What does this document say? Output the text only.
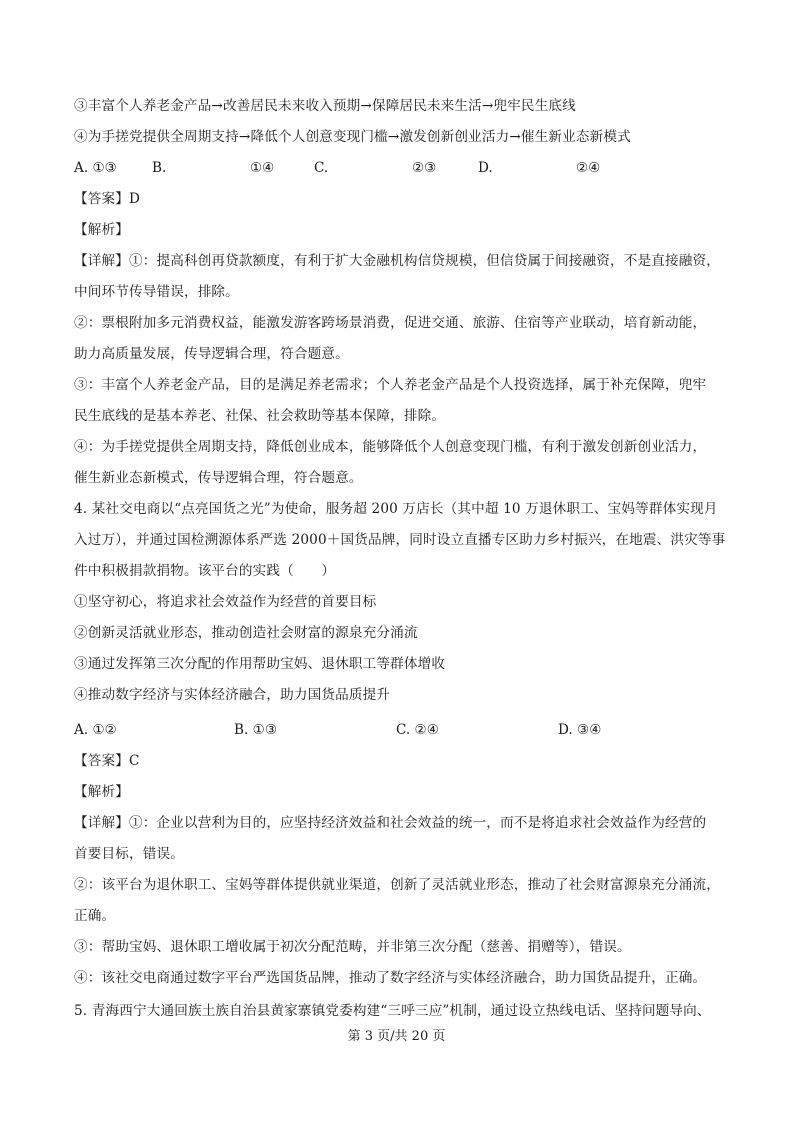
③丰富个人养老金产品→改善居民未来收入预期→保障居民未来生活→兜牢民生底线
④为手搓党提供全周期支持→降低个人创意变现门槛→激发创新创业活力→催生新业态新模式
A. ①③	B.	①④	C.	②③	D.	②④
【答案】D
【解析】
【详解】①：提高科创再贷款额度，有利于扩大金融机构信贷规模，但信贷属于间接融资，不是直接融资，
中间环节传导错误，排除。
②：票根附加多元消费权益，能激发游客跨场景消费，促进交通、旅游、住宿等产业联动，培育新动能，
助力高质量发展，传导逻辑合理，符合题意。
③：丰富个人养老金产品，目的是满足养老需求；个人养老金产品是个人投资选择，属于补充保障，兜牢
民生底线的是基本养老、社保、社会救助等基本保障，排除。
④：为手搓党提供全周期支持，降低创业成本，能够降低个人创意变现门槛，有利于激发创新创业活力，
催生新业态新模式，传导逻辑合理，符合题意。
4. 某社交电商以“点亮国货之光”为使命，服务超 200 万店长（其中超 10 万退休职工、宝妈等群体实现月
入过万），并通过国检溯源体系严选 2000＋国货品牌，同时设立直播专区助力乡村振兴，在地震、洪灾等事
件中积极捐款捐物。该平台的实践（　　）
①坚守初心，将追求社会效益作为经营的首要目标
②创新灵活就业形态，推动创造社会财富的源泉充分涌流
③通过发挥第三次分配的作用帮助宝妈、退休职工等群体增收
④推动数字经济与实体经济融合，助力国货品质提升
A. ①②	B. ①③	C. ②④	D. ③④
【答案】C
【解析】
【详解】①：企业以营利为目的，应坚持经济效益和社会效益的统一，而不是将追求社会效益作为经营的
首要目标，错误。
②：该平台为退休职工、宝妈等群体提供就业渠道，创新了灵活就业形态，推动了社会财富源泉充分涌流，
正确。
③：帮助宝妈、退休职工增收属于初次分配范畴，并非第三次分配（慈善、捐赠等），错误。
④：该社交电商通过数字平台严选国货品牌，推动了数字经济与实体经济融合，助力国货品提升，正确。
5. 青海西宁大通回族土族自治县黄家寨镇党委构建“三呼三应”机制，通过设立热线电话、坚持问题导向、
第 3 页/共 20 页
